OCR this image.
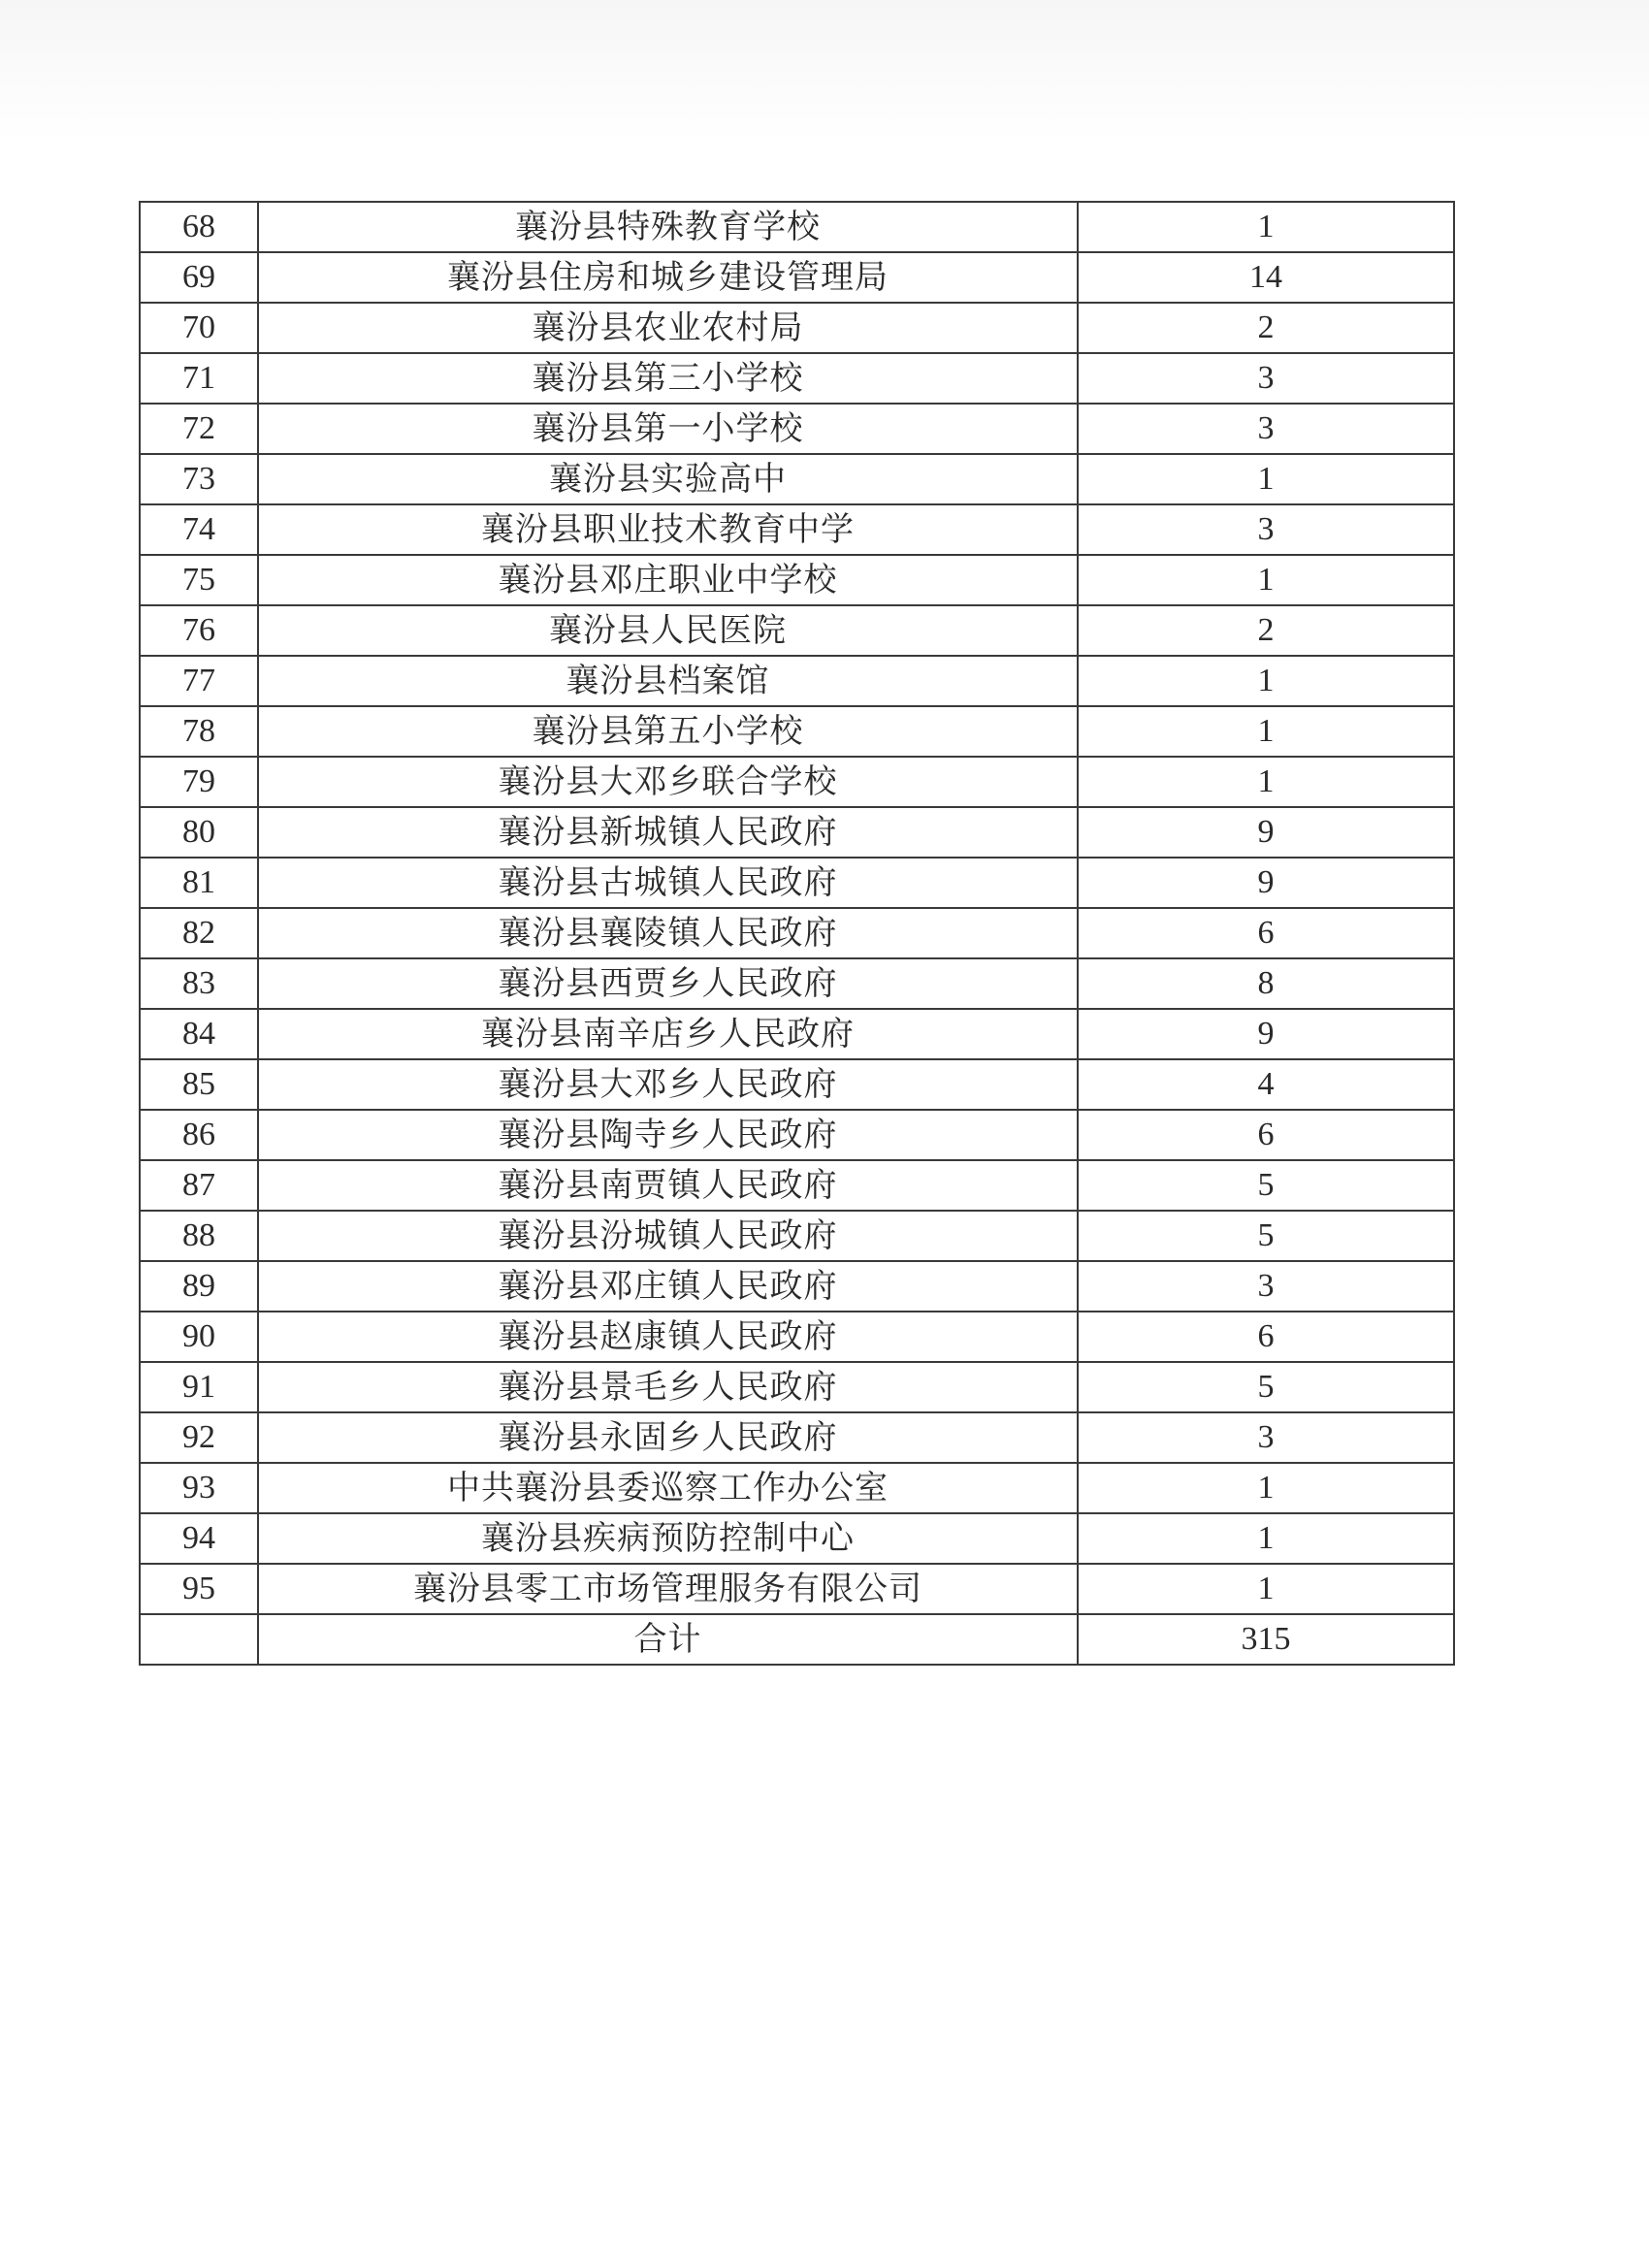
68	襄汾县特殊教育学校	1
69	襄汾县住房和城乡建设管理局	14
70	襄汾县农业农村局	2
71	襄汾县第三小学校	3
72	襄汾县第一小学校	3
73	襄汾县实验高中	1
74	襄汾县职业技术教育中学	3
75	襄汾县邓庄职业中学校	1
76	襄汾县人民医院	2
77	襄汾县档案馆	1
78	襄汾县第五小学校	1
79	襄汾县大邓乡联合学校	1
80	襄汾县新城镇人民政府	9
81	襄汾县古城镇人民政府	9
82	襄汾县襄陵镇人民政府	6
83	襄汾县西贾乡人民政府	8
84	襄汾县南辛店乡人民政府	9
85	襄汾县大邓乡人民政府	4
86	襄汾县陶寺乡人民政府	6
87	襄汾县南贾镇人民政府	5
88	襄汾县汾城镇人民政府	5
89	襄汾县邓庄镇人民政府	3
90	襄汾县赵康镇人民政府	6
91	襄汾县景毛乡人民政府	5
92	襄汾县永固乡人民政府	3
93	中共襄汾县委巡察工作办公室	1
94	襄汾县疾病预防控制中心	1
95	襄汾县零工市场管理服务有限公司	1
	合计	315
